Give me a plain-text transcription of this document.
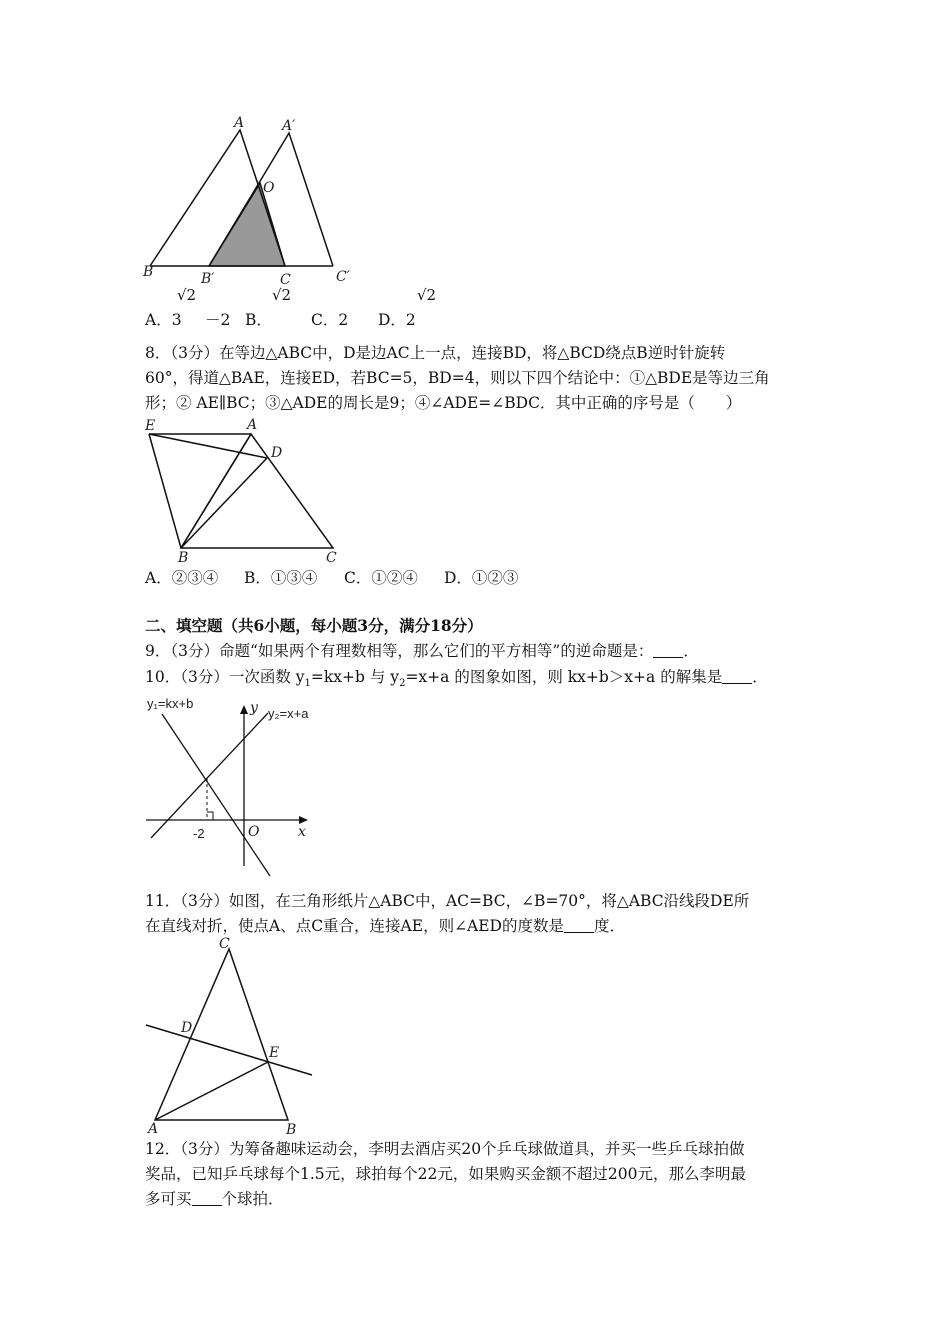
A	A′
O
B	B′	C	C′
√2	√2	√2
A．3 －2 B．	C．2 D．2
8．（3分）在等边△ABC中，D是边AC上一点，连接BD，将△BCD绕点B逆时针旋转
60°，得道△BAE，连接ED，若BC=5，BD=4，则以下四个结论中：①△BDE是等边三角
形；② AE∥BC；③△ADE的周长是9；④∠ADE=∠BDC．其中正确的序号是（　　）
E	A
D
B	C
A．②③④ B．①③④ C．①②④ D．①②③
二、填空题（共6小题，每小题3分，满分18分）
9．（3分）命题“如果两个有理数相等，那么它们的平方相等”的逆命题是： ．
10．（3分）一次函数 $y_1=kx+b$ 与 $y_2=x+a$ 的图象如图，则 kx+b＞x+a 的解集是 ．
y₁=kx+b
y₂=x+a
y
x
O
-2
11．（3分）如图，在三角形纸片△ABC中，AC=BC，∠B=70°，将△ABC沿线段DE所
在直线对折，使点A、点C重合，连接AE，则∠AED的度数是 度．
C
D
E
A	B
12．（3分）为筹备趣味运动会，李明去酒店买20个乒乓球做道具，并买一些乒乓球拍做
奖品，已知乒乓球每个1.5元，球拍每个22元，如果购买金额不超过200元，那么李明最
多可买 个球拍．
